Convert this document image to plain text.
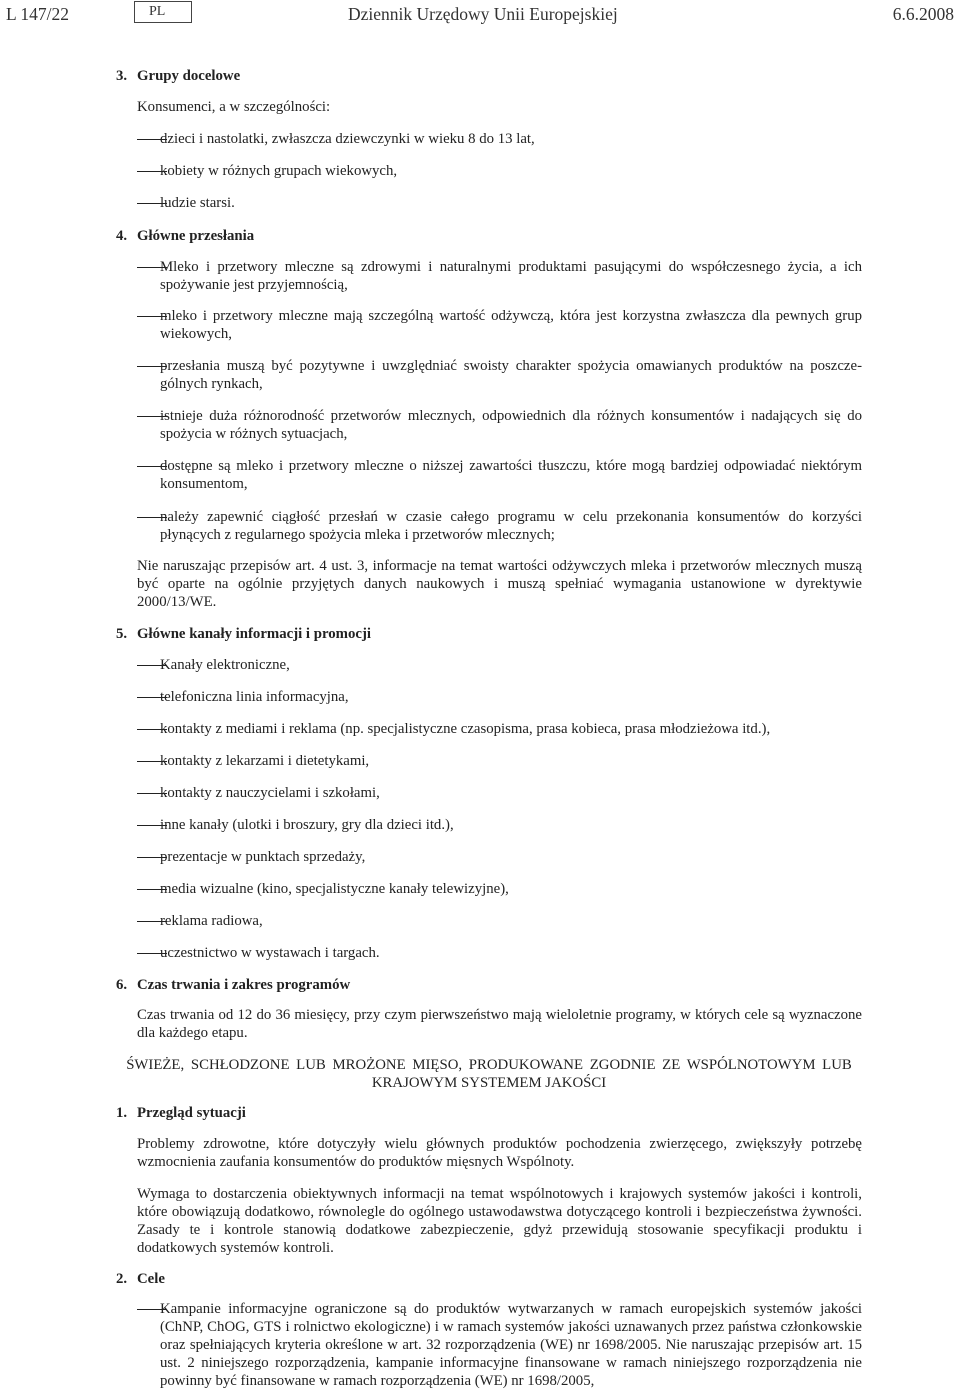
L 147/22	PL	Dziennik Urzędowy Unii Europejskiej	6.6.2008

3. Grupy docelowe

Konsumenci, a w szczególności:

dzieci i nastolatki, zwłaszcza dziewczynki w wieku 8 do 13 lat,

kobiety w różnych grupach wiekowych,

ludzie starsi.

4. Główne przesłania

Mleko i przetwory mleczne są zdrowymi i naturalnymi produktami pasującymi do współczesnego życia, a ich spożywanie jest przyjemnością,

mleko i przetwory mleczne mają szczególną wartość odżywczą, która jest korzystna zwłaszcza dla pewnych grup wiekowych,

przesłania muszą być pozytywne i uwzględniać swoisty charakter spożycia omawianych produktów na poszczególnych rynkach,

istnieje duża różnorodność przetworów mlecznych, odpowiednich dla różnych konsumentów i nadających się do spożycia w różnych sytuacjach,

dostępne są mleko i przetwory mleczne o niższej zawartości tłuszczu, które mogą bardziej odpowiadać niektórym konsumentom,

należy zapewnić ciągłość przesłań w czasie całego programu w celu przekonania konsumentów do korzyści płynących z regularnego spożycia mleka i przetworów mlecznych;

Nie naruszając przepisów art. 4 ust. 3, informacje na temat wartości odżywczych mleka i przetworów mlecznych muszą być oparte na ogólnie przyjętych danych naukowych i muszą spełniać wymagania ustanowione w dyrektywie 2000/13/WE.

5. Główne kanały informacji i promocji

Kanały elektroniczne,

telefoniczna linia informacyjna,

kontakty z mediami i reklama (np. specjalistyczne czasopisma, prasa kobieca, prasa młodzieżowa itd.),

kontakty z lekarzami i dietetykami,

kontakty z nauczycielami i szkołami,

inne kanały (ulotki i broszury, gry dla dzieci itd.),

prezentacje w punktach sprzedaży,

media wizualne (kino, specjalistyczne kanały telewizyjne),

reklama radiowa,

uczestnictwo w wystawach i targach.

6. Czas trwania i zakres programów

Czas trwania od 12 do 36 miesięcy, przy czym pierwszeństwo mają wieloletnie programy, w których cele są wyznaczone dla każdego etapu.

ŚWIEŻE, SCHŁODZONE LUB MROŻONE MIĘSO, PRODUKOWANE ZGODNIE ZE WSPÓLNOTOWYM LUB

KRAJOWYM SYSTEMEM JAKOŚCI

1. Przegląd sytuacji

Problemy zdrowotne, które dotyczyły wielu głównych produktów pochodzenia zwierzęcego, zwiększyły potrzebę wzmocnienia zaufania konsumentów do produktów mięsnych Wspólnoty.

Wymaga to dostarczenia obiektywnych informacji na temat wspólnotowych i krajowych systemów jakości i kontroli, które obowiązują dodatkowo, równolegle do ogólnego ustawodawstwa dotyczącego kontroli i bezpieczeństwa żywności. Zasady te i kontrole stanowią dodatkowe zabezpieczenie, gdyż przewidują stosowanie specyfikacji produktu i dodatkowych systemów kontroli.

2. Cele

Kampanie informacyjne ograniczone są do produktów wytwarzanych w ramach europejskich systemów jakości (ChNP, ChOG, GTS i rolnictwo ekologiczne) i w ramach systemów jakości uznawanych przez państwa członkowskie oraz spełniających kryteria określone w art. 32 rozporządzenia (WE) nr 1698/2005. Nie naruszając przepisów art. 15 ust. 2 niniejszego rozporządzenia, kampanie informacyjne finansowane w ramach niniejszego rozporządzenia nie powinny być finansowane w ramach rozporządzenia (WE) nr 1698/2005,
